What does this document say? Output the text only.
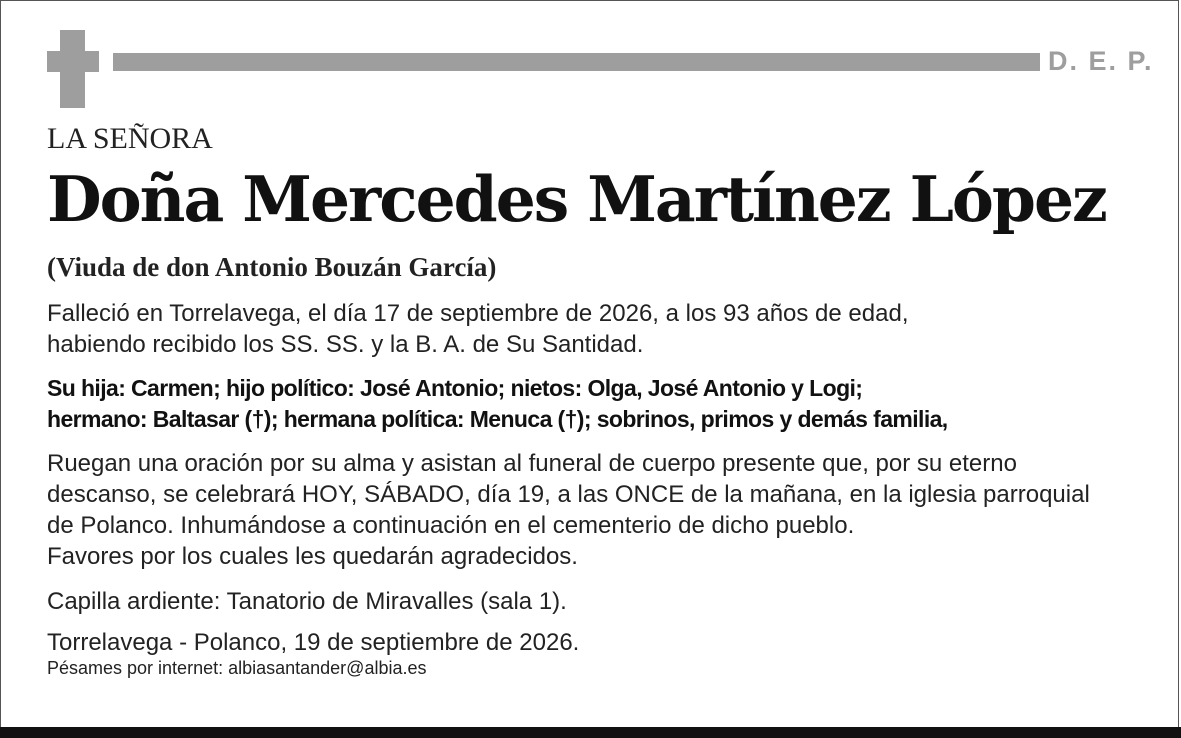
D. E. P.
LA SEÑORA
Doña Mercedes Martínez López
(Viuda de don Antonio Bouzán García)
Falleció en Torrelavega, el día 17 de septiembre de 2026, a los 93 años de edad,
habiendo recibido los SS. SS. y la B. A. de Su Santidad.
Su hija: Carmen; hijo político: José Antonio; nietos: Olga, José Antonio y Logi;
hermano: Baltasar (†); hermana política: Menuca (†); sobrinos, primos y demás familia,
Ruegan una oración por su alma y asistan al funeral de cuerpo presente que, por su eterno
descanso, se celebrará HOY, SÁBADO, día 19, a las ONCE de la mañana, en la iglesia parroquial
de Polanco. Inhumándose a continuación en el cementerio de dicho pueblo.
Favores por los cuales les quedarán agradecidos.
Capilla ardiente: Tanatorio de Miravalles (sala 1).
Torrelavega - Polanco, 19 de septiembre de 2026.
Pésames por internet: albiasantander@albia.es
